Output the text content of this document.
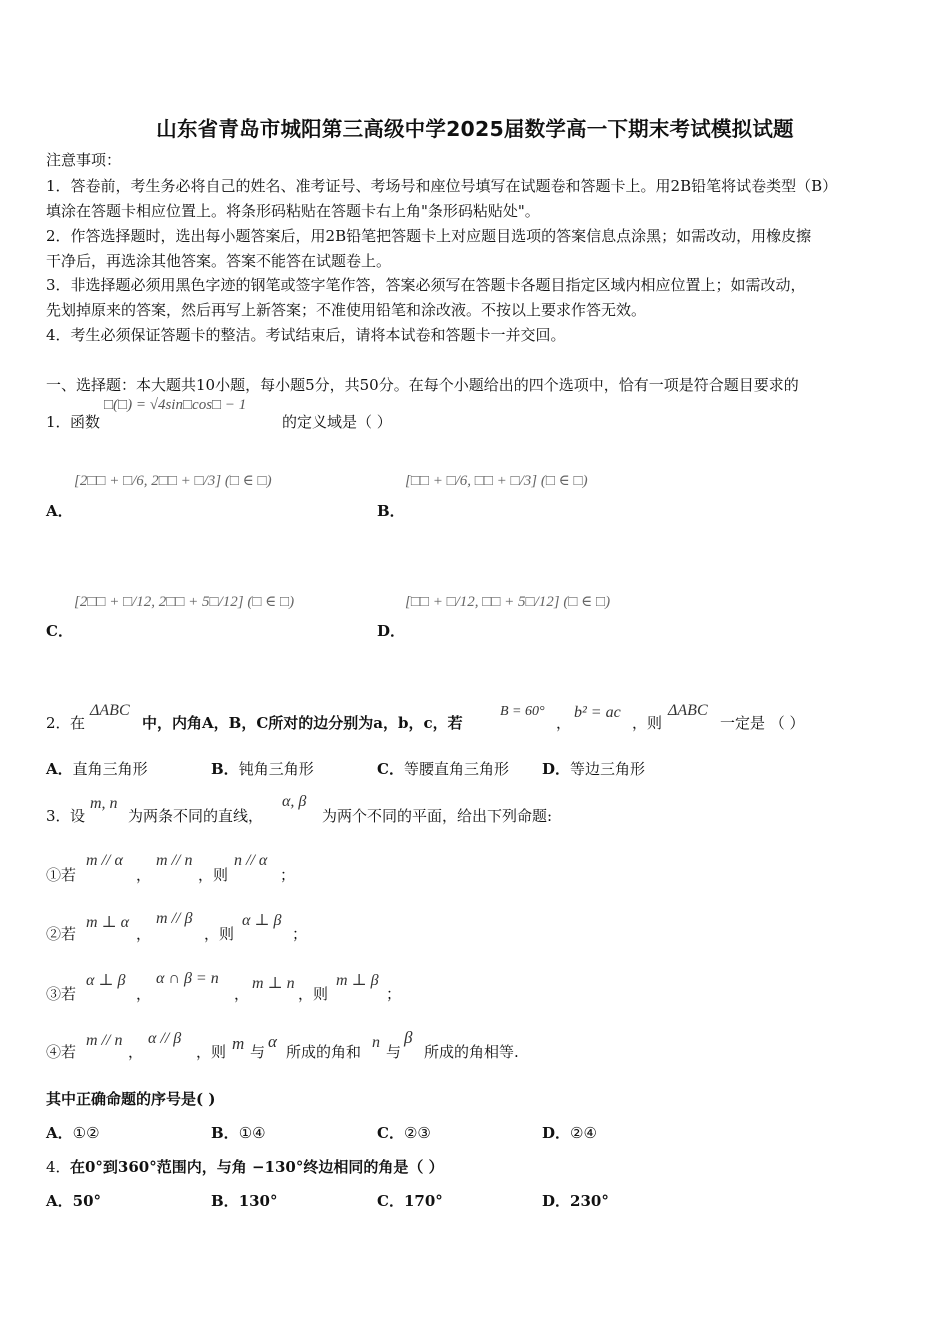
山东省青岛市城阳第三高级中学2025届数学高一下期末考试模拟试题
注意事项：
1．答卷前，考生务必将自己的姓名、准考证号、考场号和座位号填写在试题卷和答题卡上。用2B铅笔将试卷类型（B）
填涂在答题卡相应位置上。将条形码粘贴在答题卡右上角"条形码粘贴处"。
2．作答选择题时，选出每小题答案后，用2B铅笔把答题卡上对应题目选项的答案信息点涂黑；如需改动，用橡皮擦
干净后，再选涂其他答案。答案不能答在试题卷上。
3．非选择题必须用黑色字迹的钢笔或签字笔作答，答案必须写在答题卡各题目指定区域内相应位置上；如需改动，
先划掉原来的答案，然后再写上新答案；不准使用铅笔和涂改液。不按以上要求作答无效。
4．考生必须保证答题卡的整洁。考试结束后，请将本试卷和答题卡一并交回。
一、选择题：本大题共10小题，每小题5分，共50分。在每个小题给出的四个选项中，恰有一项是符合题目要求的
1． 函数
□(□) = √4sin□cos□ − 1
的定义域是（ ）
[2□□ + □/6, 2□□ + □/3] (□ ∈ □)
A．
[□□ + □/6, □□ + □/3] (□ ∈ □)
B．
[2□□ + □/12, 2□□ + 5□/12] (□ ∈ □)
C．
[□□ + □/12, □□ + 5□/12] (□ ∈ □)
D．
2． 在
ΔABC
中，内角A，B，C所对的边分别为a，b，c，若
B = 60°
，
b² = ac
，则
ΔABC
一定是 （ ）
A．直角三角形	B．钝角三角形	C．等腰直角三角形 D．等边三角形
3． 设
m, n
为两条不同的直线，
α, β
为两个不同的平面，给出下列命题:
①若
m // α
，
m // n
，则
n // α
；
②若
m ⊥ α
，
m // β
，则
α ⊥ β
；
③若
α ⊥ β
，
α ∩ β = n
，
m ⊥ n
，则
m ⊥ β
；
④若
m // n
，
α // β
，则 m 与
α
所成的角和
n
与
β
所成的角相等.
其中正确命题的序号是( )
A．①②	B．①④	C．②③	D．②④
4． 在0°到360°范围内，与角 −130°终边相同的角是（ ）
A．50°	B．130°	C．170°	D．230°
